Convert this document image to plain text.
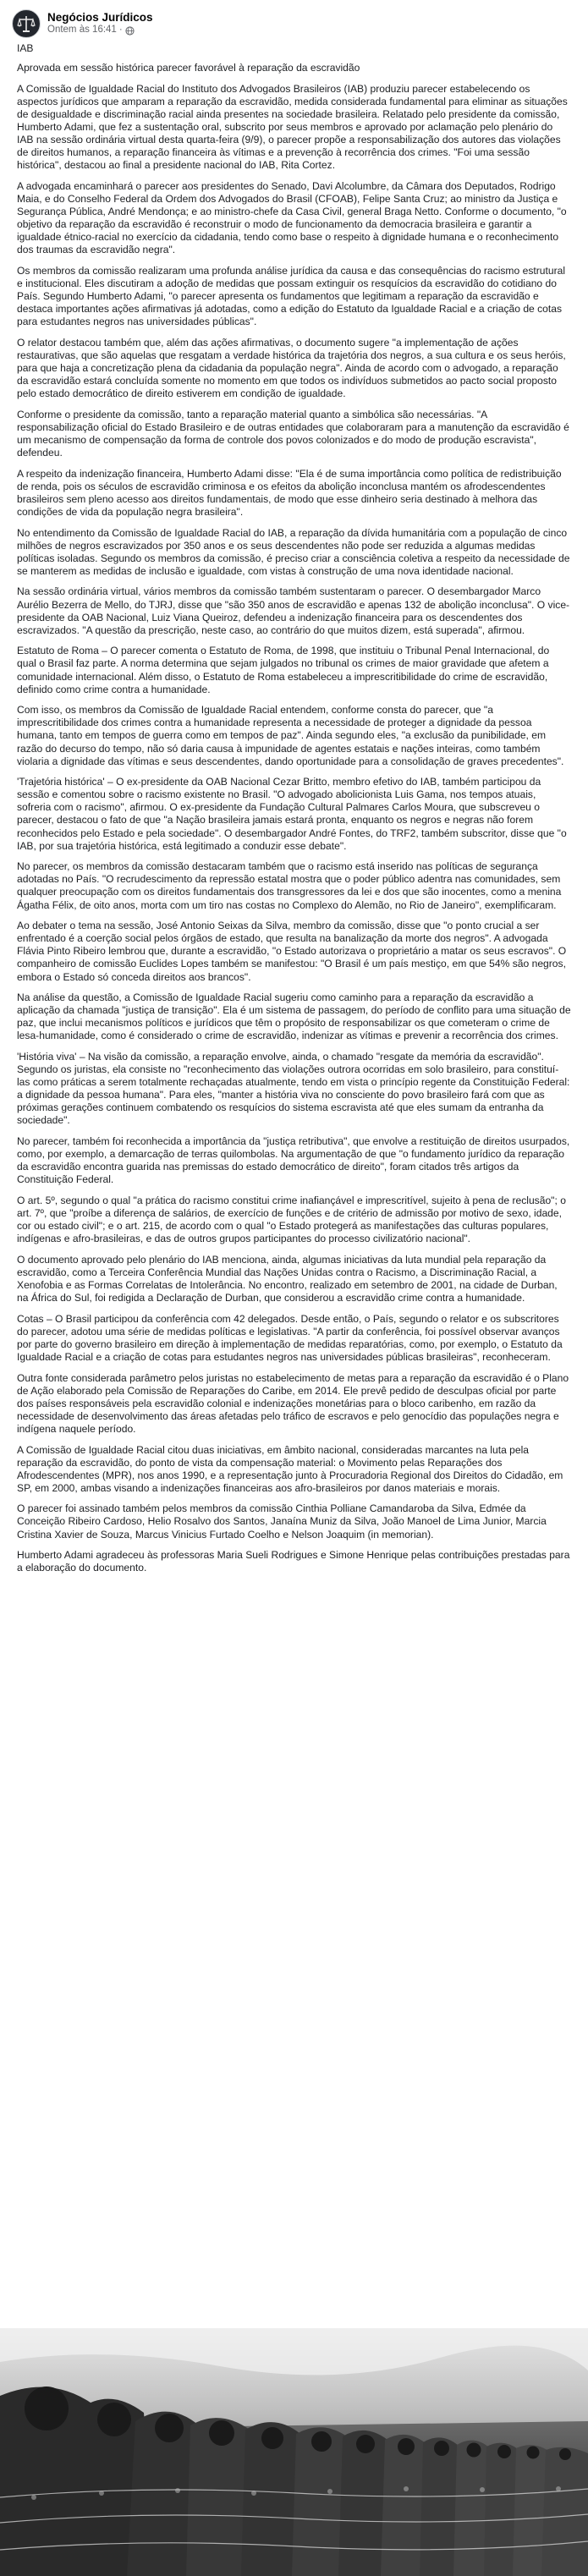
Negócios Jurídicos
Ontem às 16:41 ·

IAB

Aprovada em sessão histórica parecer favorável à reparação da escravidão

A Comissão de Igualdade Racial do Instituto dos Advogados Brasileiros (IAB) produziu parecer estabelecendo os aspectos jurídicos que amparam a reparação da escravidão, medida considerada fundamental para eliminar as situações de desigualdade e discriminação racial ainda presentes na sociedade brasileira. Relatado pelo presidente da comissão, Humberto Adami, que fez a sustentação oral, subscrito por seus membros e aprovado por aclamação pelo plenário do IAB na sessão ordinária virtual desta quarta-feira (9/9), o parecer propõe a responsabilização dos autores das violações de direitos humanos, a reparação financeira às vítimas e a prevenção à recorrência dos crimes. "Foi uma sessão histórica", destacou ao final a presidente nacional do IAB, Rita Cortez.

A advogada encaminhará o parecer aos presidentes do Senado, Davi Alcolumbre, da Câmara dos Deputados, Rodrigo Maia, e do Conselho Federal da Ordem dos Advogados do Brasil (CFOAB), Felipe Santa Cruz; ao ministro da Justiça e Segurança Pública, André Mendonça; e ao ministro-chefe da Casa Civil, general Braga Netto. Conforme o documento, "o objetivo da reparação da escravidão é reconstruir o modo de funcionamento da democracia brasileira e garantir a igualdade étnico-racial no exercício da cidadania, tendo como base o respeito à dignidade humana e o reconhecimento dos traumas da escravidão negra".

Os membros da comissão realizaram uma profunda análise jurídica da causa e das consequências do racismo estrutural e institucional. Eles discutiram a adoção de medidas que possam extinguir os resquícios da escravidão do cotidiano do País. Segundo Humberto Adami, "o parecer apresenta os fundamentos que legitimam a reparação da escravidão e destaca importantes ações afirmativas já adotadas, como a edição do Estatuto da Igualdade Racial e a criação de cotas para estudantes negros nas universidades públicas".

O relator destacou também que, além das ações afirmativas, o documento sugere "a implementação de ações restaurativas, que são aquelas que resgatam a verdade histórica da trajetória dos negros, a sua cultura e os seus heróis, para que haja a concretização plena da cidadania da população negra". Ainda de acordo com o advogado, a reparação da escravidão estará concluída somente no momento em que todos os indivíduos submetidos ao pacto social proposto pelo estado democrático de direito estiverem em condição de igualdade.

Conforme o presidente da comissão, tanto a reparação material quanto a simbólica são necessárias. "A responsabilização oficial do Estado Brasileiro e de outras entidades que colaboraram para a manutenção da escravidão é um mecanismo de compensação da forma de controle dos povos colonizados e do modo de produção escravista", defendeu.

A respeito da indenização financeira, Humberto Adami disse: "Ela é de suma importância como política de redistribuição de renda, pois os séculos de escravidão criminosa e os efeitos da abolição inconclusa mantém os afrodescendentes brasileiros sem pleno acesso aos direitos fundamentais, de modo que esse dinheiro seria destinado à melhora das condições de vida da população negra brasileira".

No entendimento da Comissão de Igualdade Racial do IAB, a reparação da dívida humanitária com a população de cinco milhões de negros escravizados por 350 anos e os seus descendentes não pode ser reduzida a algumas medidas políticas isoladas. Segundo os membros da comissão, é preciso criar a consciência coletiva a respeito da necessidade de se manterem as medidas de inclusão e igualdade, com vistas à construção de uma nova identidade nacional.

Na sessão ordinária virtual, vários membros da comissão também sustentaram o parecer. O desembargador Marco Aurélio Bezerra de Mello, do TJRJ, disse que "são 350 anos de escravidão e apenas 132 de abolição inconclusa". O vice-presidente da OAB Nacional, Luiz Viana Queiroz, defendeu a indenização financeira para os descendentes dos escravizados. "A questão da prescrição, neste caso, ao contrário do que muitos dizem, está superada", afirmou.

Estatuto de Roma – O parecer comenta o Estatuto de Roma, de 1998, que instituiu o Tribunal Penal Internacional, do qual o Brasil faz parte. A norma determina que sejam julgados no tribunal os crimes de maior gravidade que afetem a comunidade internacional. Além disso, o Estatuto de Roma estabeleceu a imprescritibilidade do crime de escravidão, definido como crime contra a humanidade.

Com isso, os membros da Comissão de Igualdade Racial entendem, conforme consta do parecer, que "a imprescritibilidade dos crimes contra a humanidade representa a necessidade de proteger a dignidade da pessoa humana, tanto em tempos de guerra como em tempos de paz". Ainda segundo eles, "a exclusão da punibilidade, em razão do decurso do tempo, não só daria causa à impunidade de agentes estatais e nações inteiras, como também violaria a dignidade das vítimas e seus descendentes, dando oportunidade para a consolidação de graves precedentes".

'Trajetória histórica' – O ex-presidente da OAB Nacional Cezar Britto, membro efetivo do IAB, também participou da sessão e comentou sobre o racismo existente no Brasil. "O advogado abolicionista Luis Gama, nos tempos atuais, sofreria com o racismo", afirmou. O ex-presidente da Fundação Cultural Palmares Carlos Moura, que subscreveu o parecer, destacou o fato de que "a Nação brasileira jamais estará pronta, enquanto os negros e negras não forem reconhecidos pelo Estado e pela sociedade". O desembargador André Fontes, do TRF2, também subscritor, disse que "o IAB, por sua trajetória histórica, está legitimado a conduzir esse debate".

No parecer, os membros da comissão destacaram também que o racismo está inserido nas políticas de segurança adotadas no País. "O recrudescimento da repressão estatal mostra que o poder público adentra nas comunidades, sem qualquer preocupação com os direitos fundamentais dos transgressores da lei e dos que são inocentes, como a menina Ágatha Félix, de oito anos, morta com um tiro nas costas no Complexo do Alemão, no Rio de Janeiro", exemplificaram.

Ao debater o tema na sessão, José Antonio Seixas da Silva, membro da comissão, disse que "o ponto crucial a ser enfrentado é a coerção social pelos órgãos de estado, que resulta na banalização da morte dos negros". A advogada Flávia Pinto Ribeiro lembrou que, durante a escravidão, "o Estado autorizava o proprietário a matar os seus escravos". O companheiro de comissão Euclides Lopes também se manifestou: "O Brasil é um país mestiço, em que 54% são negros, embora o Estado só conceda direitos aos brancos".

Na análise da questão, a Comissão de Igualdade Racial sugeriu como caminho para a reparação da escravidão a aplicação da chamada "justiça de transição". Ela é um sistema de passagem, do período de conflito para uma situação de paz, que inclui mecanismos políticos e jurídicos que têm o propósito de responsabilizar os que cometeram o crime de lesa-humanidade, como é considerado o crime de escravidão, indenizar as vítimas e prevenir a recorrência dos crimes.

'História viva' – Na visão da comissão, a reparação envolve, ainda, o chamado "resgate da memória da escravidão". Segundo os juristas, ela consiste no "reconhecimento das violações outrora ocorridas em solo brasileiro, para constituí-las como práticas a serem totalmente rechaçadas atualmente, tendo em vista o princípio regente da Constituição Federal: a dignidade da pessoa humana". Para eles, "manter a história viva no consciente do povo brasileiro fará com que as próximas gerações continuem combatendo os resquícios do sistema escravista até que eles sumam da entranha da sociedade".

No parecer, também foi reconhecida a importância da "justiça retributiva", que envolve a restituição de direitos usurpados, como, por exemplo, a demarcação de terras quilombolas. Na argumentação de que "o fundamento jurídico da reparação da escravidão encontra guarida nas premissas do estado democrático de direito", foram citados três artigos da Constituição Federal.

O art. 5º, segundo o qual "a prática do racismo constitui crime inafiançável e imprescritível, sujeito à pena de reclusão"; o art. 7º, que "proíbe a diferença de salários, de exercício de funções e de critério de admissão por motivo de sexo, idade, cor ou estado civil"; e o art. 215, de acordo com o qual "o Estado protegerá as manifestações das culturas populares, indígenas e afro-brasileiras, e das de outros grupos participantes do processo civilizatório nacional".

O documento aprovado pelo plenário do IAB menciona, ainda, algumas iniciativas da luta mundial pela reparação da escravidão, como a Terceira Conferência Mundial das Nações Unidas contra o Racismo, a Discriminação Racial, a Xenofobia e as Formas Correlatas de Intolerância. No encontro, realizado em setembro de 2001, na cidade de Durban, na África do Sul, foi redigida a Declaração de Durban, que considerou a escravidão crime contra a humanidade.

Cotas – O Brasil participou da conferência com 42 delegados. Desde então, o País, segundo o relator e os subscritores do parecer, adotou uma série de medidas políticas e legislativas. "A partir da conferência, foi possível observar avanços por parte do governo brasileiro em direção à implementação de medidas reparatórias, como, por exemplo, o Estatuto da Igualdade Racial e a criação de cotas para estudantes negros nas universidades públicas brasileiras", reconheceram.

Outra fonte considerada parâmetro pelos juristas no estabelecimento de metas para a reparação da escravidão é o Plano de Ação elaborado pela Comissão de Reparações do Caribe, em 2014. Ele prevê pedido de desculpas oficial por parte dos países responsáveis pela escravidão colonial e indenizações monetárias para o bloco caribenho, em razão da necessidade de desenvolvimento das áreas afetadas pelo tráfico de escravos e pelo genocídio das populações negra e indígena naquele período.

A Comissão de Igualdade Racial citou duas iniciativas, em âmbito nacional, consideradas marcantes na luta pela reparação da escravidão, do ponto de vista da compensação material: o Movimento pelas Reparações dos Afrodescendentes (MPR), nos anos 1990, e a representação junto à Procuradoria Regional dos Direitos do Cidadão, em SP, em 2000, ambas visando a indenizações financeiras aos afro-brasileiros por danos materiais e morais.

O parecer foi assinado também pelos membros da comissão Cinthia Polliane Camandaroba da Silva, Edmée da Conceição Ribeiro Cardoso, Helio Rosalvo dos Santos, Janaína Muniz da Silva, João Manoel de Lima Junior, Marcia Cristina Xavier de Souza, Marcus Vinicius Furtado Coelho e Nelson Joaquim (in memorian).

Humberto Adami agradeceu às professoras Maria Sueli Rodrigues e Simone Henrique pelas contribuições prestadas para a elaboração do documento.
